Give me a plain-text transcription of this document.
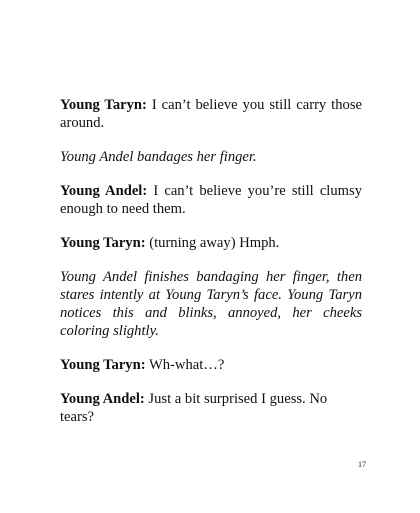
Young Taryn: I can’t believe you still carry those around.

Young Andel bandages her finger.

Young Andel: I can’t believe you’re still clumsy enough to need them.

Young Taryn: (turning away) Hmph.

Young Andel finishes bandaging her finger, then stares intently at Young Taryn’s face. Young Taryn notices this and blinks, annoyed, her cheeks coloring slightly.

Young Taryn: Wh-what…?

Young Andel: Just a bit surprised I guess. No tears?

17
